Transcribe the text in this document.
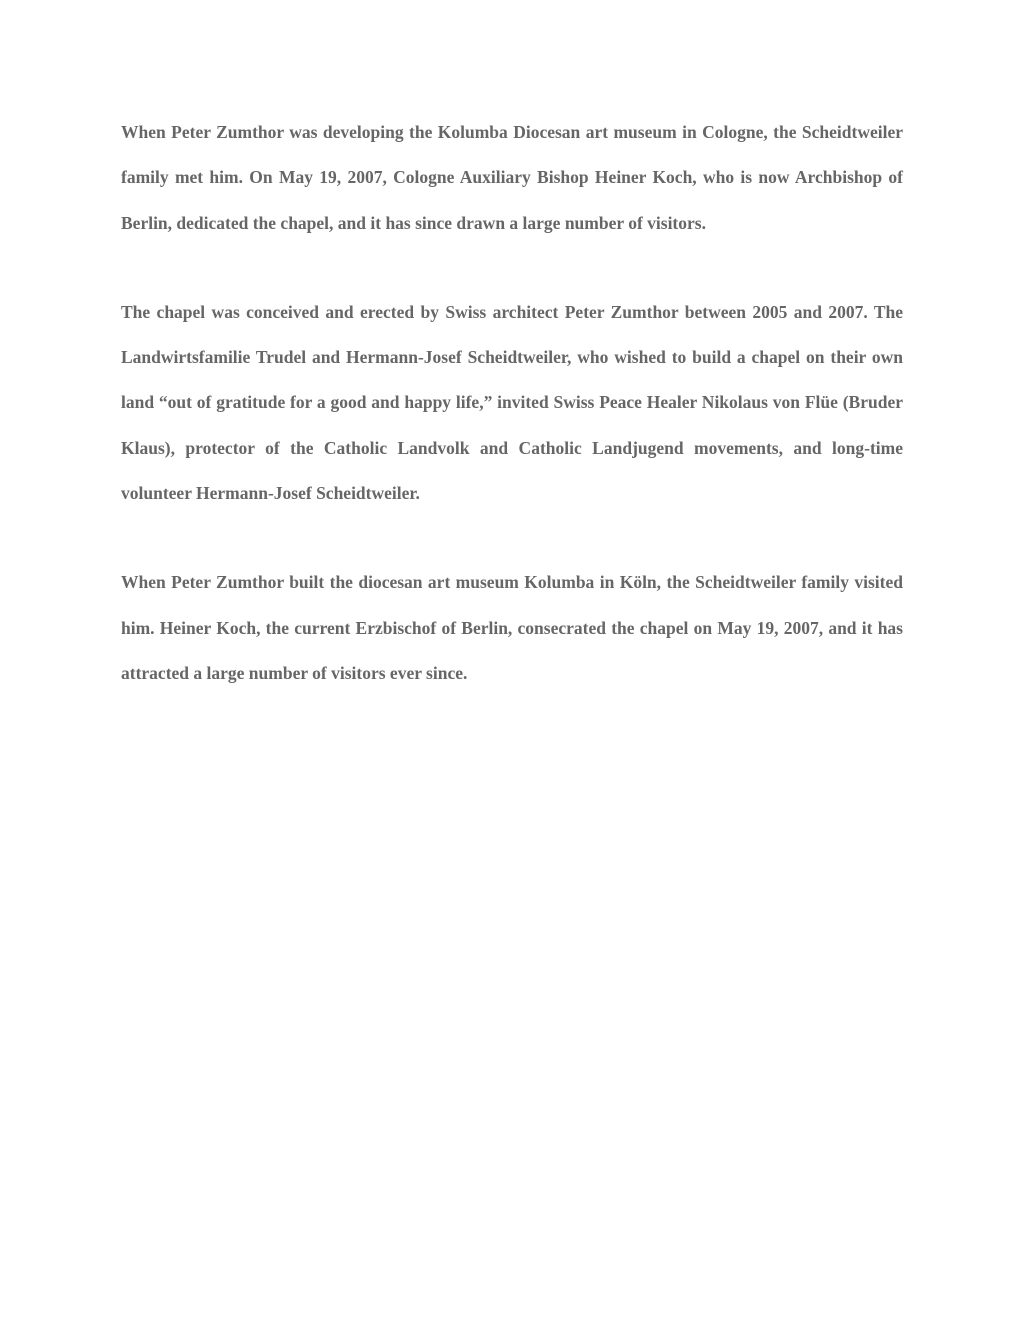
When Peter Zumthor was developing the Kolumba Diocesan art museum in Cologne, the Scheidtweiler family met him. On May 19, 2007, Cologne Auxiliary Bishop Heiner Koch, who is now Archbishop of Berlin, dedicated the chapel, and it has since drawn a large number of visitors.

The chapel was conceived and erected by Swiss architect Peter Zumthor between 2005 and 2007. The Landwirtsfamilie Trudel and Hermann-Josef Scheidtweiler, who wished to build a chapel on their own land “out of gratitude for a good and happy life,” invited Swiss Peace Healer Nikolaus von Flüe (Bruder Klaus), protector of the Catholic Landvolk and Catholic Landjugend movements, and long-time volunteer Hermann-Josef Scheidtweiler.

When Peter Zumthor built the diocesan art museum Kolumba in Köln, the Scheidtweiler family visited him. Heiner Koch, the current Erzbischof of Berlin, consecrated the chapel on May 19, 2007, and it has attracted a large number of visitors ever since.
